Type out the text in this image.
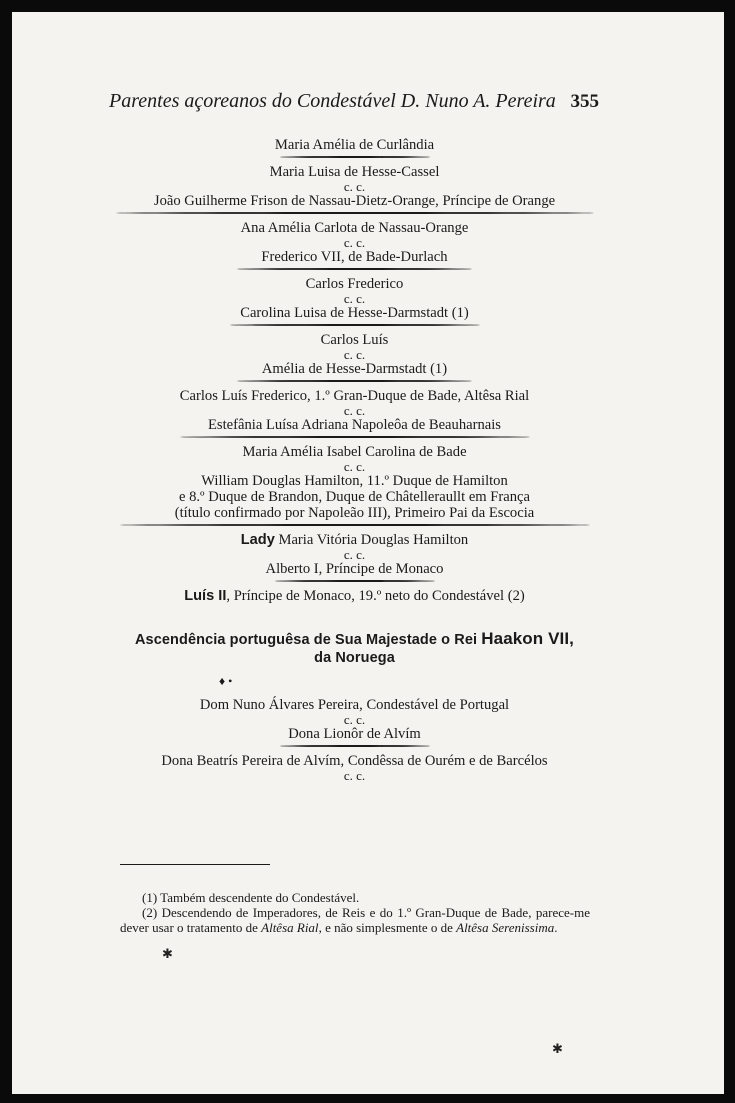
Parentes açoreanos do Condestável D. Nuno A. Pereira 355
Maria Amélia de Curlândia
Maria Luisa de Hesse-Cassel
c. c.
João Guilherme Frison de Nassau-Dietz-Orange, Príncipe de Orange
Ana Amélia Carlota de Nassau-Orange
c. c.
Frederico VII, de Bade-Durlach
Carlos Frederico
c. c.
Carolina Luisa de Hesse-Darmstadt (1)
Carlos Luís
c. c.
Amélia de Hesse-Darmstadt (1)
Carlos Luís Frederico, 1.º Gran-Duque de Bade, Altêsa Rial
c. c.
Estefânia Luísa Adriana Napoleôa de Beauharnais
Maria Amélia Isabel Carolina de Bade
c. c.
William Douglas Hamilton, 11.º Duque de Hamilton
e 8.º Duque de Brandon, Duque de Châtelleraullt em França
(título confirmado por Napoleão III), Primeiro Pai da Escocia
Lady Maria Vitória Douglas Hamilton
c. c.
Alberto I, Príncipe de Monaco
Luís II, Príncipe de Monaco, 19.º neto do Condestável (2)
Ascendência portuguêsa de Sua Majestade o Rei Haakon VII,
da Noruega
♦ •
Dom Nuno Álvares Pereira, Condestável de Portugal
c. c.
Dona Lionôr de Alvím
Dona Beatrís Pereira de Alvím, Condêssa de Ourém e de Barcélos
c. c.
(1) Também descendente do Condestável.
(2) Descendendo de Imperadores, de Reis e do 1.º Gran-Duque de Bade, parece-me dever usar o tratamento de Altêsa Rial, e não simplesmente o de Altêsa Serenissima.
✱
✱
